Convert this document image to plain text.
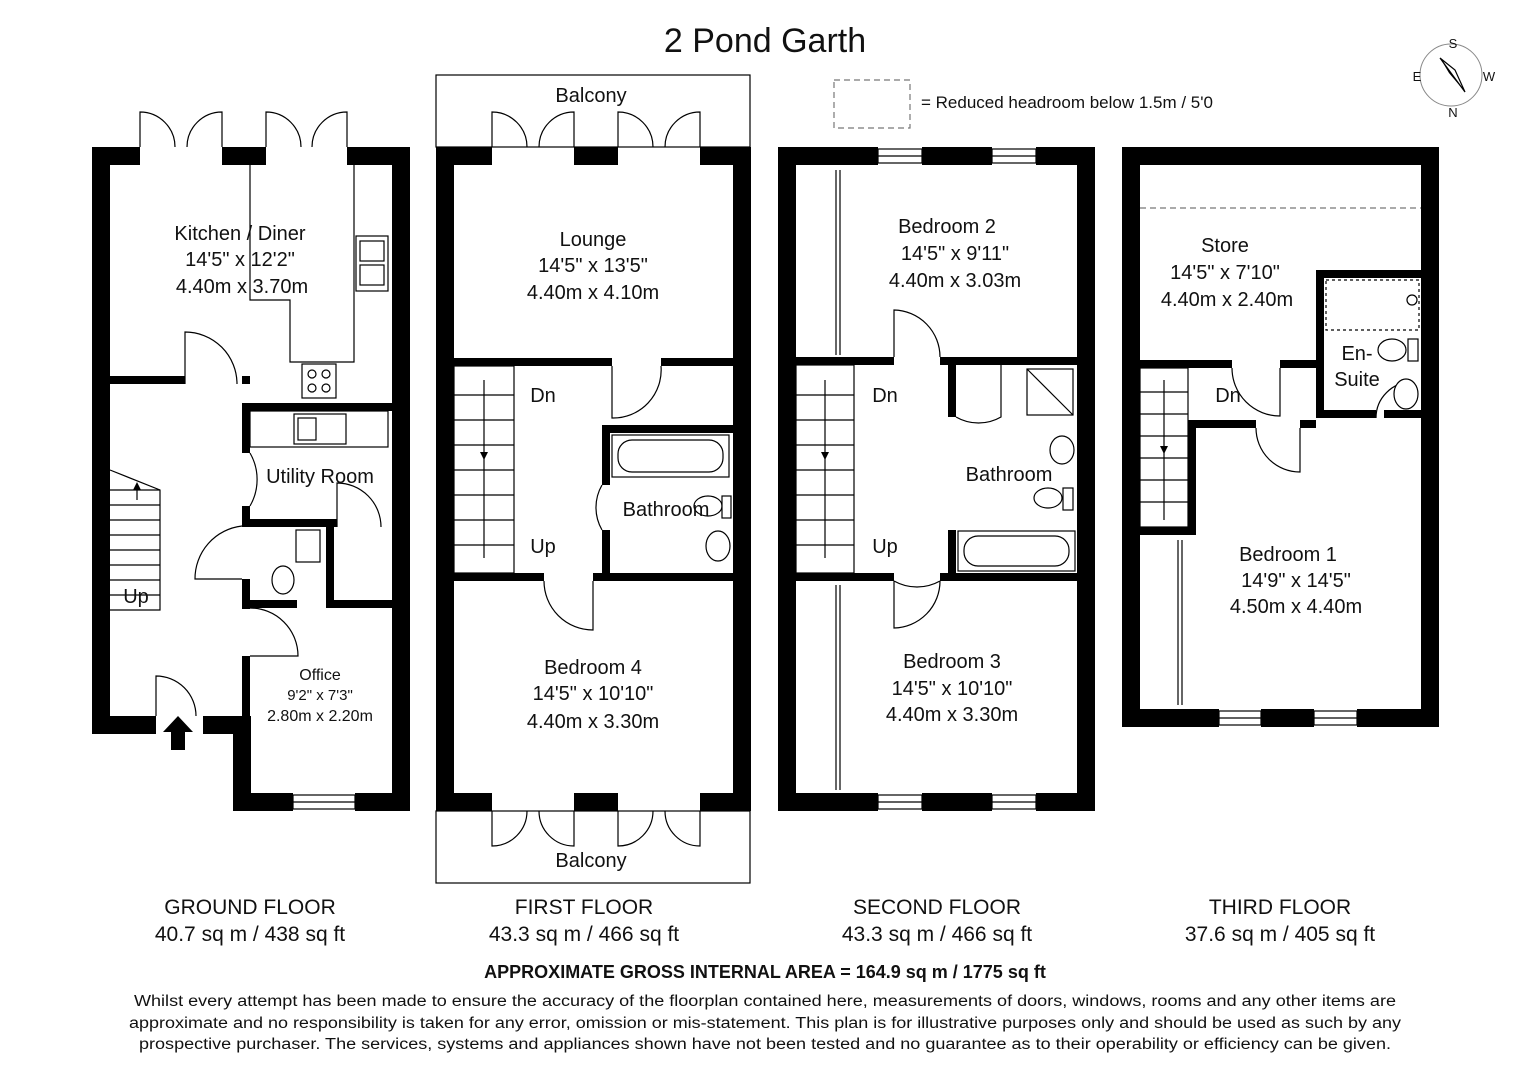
2 Pond Garth
= Reduced headroom below 1.5m / 5'0
S
E	W
N
Kitchen / Diner
14'5" x 12'2"
4.40m x 3.70m
Utility Room
Up
Office
9'2" x 7'3"
2.80m x 2.20m
Balcony
Lounge
14'5" x 13'5"
4.40m x 4.10m
Dn
Bathroom
Up
Bedroom 4
14'5" x 10'10"
4.40m x 3.30m
Balcony
Bedroom 2
14'5" x 9'11"
4.40m x 3.03m
Dn
Bathroom
Up
Bedroom 3
14'5" x 10'10"
4.40m x 3.30m
Store
14'5" x 7'10"
4.40m x 2.40m
En-
Suite
Dn
Bedroom 1
14'9" x 14'5"
4.50m x 4.40m
GROUND FLOOR
40.7 sq m / 438 sq ft
FIRST FLOOR
43.3 sq m / 466 sq ft
SECOND FLOOR
43.3 sq m / 466 sq ft
THIRD FLOOR
37.6 sq m / 405 sq ft
APPROXIMATE GROSS INTERNAL AREA = 164.9 sq m / 1775 sq ft
Whilst every attempt has been made to ensure the accuracy of the floorplan contained here, measurements of doors, windows, rooms and any other items are
approximate and no responsibility is taken for any error, omission or mis-statement. This plan is for illustrative purposes only and should be used as such by any
prospective purchaser. The services, systems and appliances shown have not been tested and no guarantee as to their operability or efficiency can be given.
